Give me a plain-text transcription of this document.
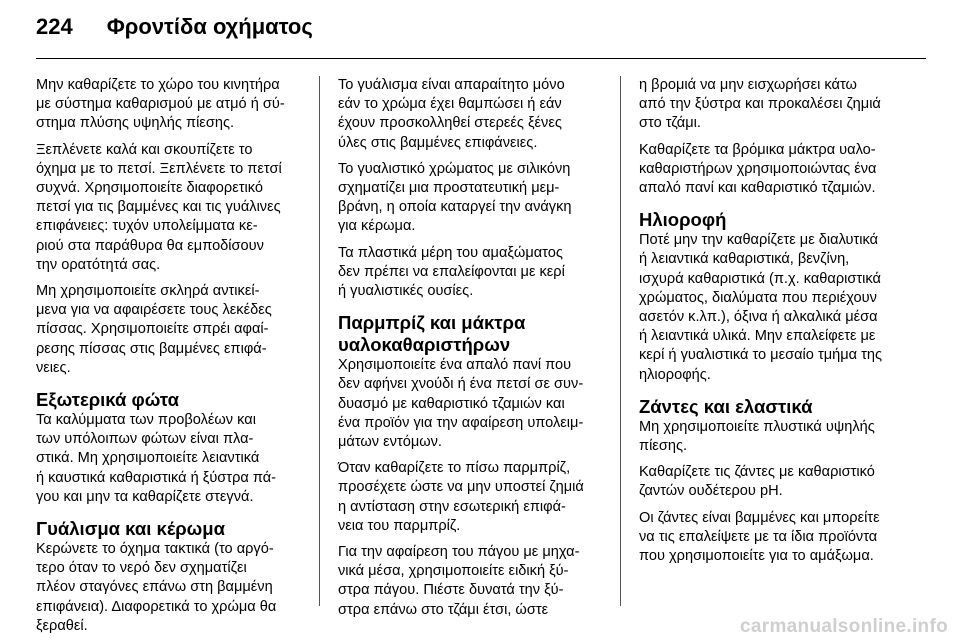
224 Φροντίδα οχήματος

Μην καθαρίζετε το χώρο του κινητήρα
με σύστημα καθαρισμού με ατμό ή σύ-
στημα πλύσης υψηλής πίεσης.

Ξεπλένετε καλά και σκουπίζετε το
όχημα με το πετσί. Ξεπλένετε το πετσί
συχνά. Χρησιμοποιείτε διαφορετικό
πετσί για τις βαμμένες και τις γυάλινες
επιφάνειες: τυχόν υπολείμματα κε-
ριού στα παράθυρα θα εμποδίσουν
την ορατότητά σας.

Μη χρησιμοποιείτε σκληρά αντικεί-
μενα για να αφαιρέσετε τους λεκέδες
πίσσας. Χρησιμοποιείτε σπρέι αφαί-
ρεσης πίσσας στις βαμμένες επιφά-
νειες.

Εξωτερικά φώτα

Τα καλύμματα των προβολέων και
των υπόλοιπων φώτων είναι πλα-
στικά. Μη χρησιμοποιείτε λειαντικά
ή καυστικά καθαριστικά ή ξύστρα πά-
γου και μην τα καθαρίζετε στεγνά.

Γυάλισμα και κέρωμα

Κερώνετε το όχημα τακτικά (το αργό-
τερο όταν το νερό δεν σχηματίζει
πλέον σταγόνες επάνω στη βαμμένη
επιφάνεια). Διαφορετικά το χρώμα θα
ξεραθεί.

Το γυάλισμα είναι απαραίτητο μόνο
εάν το χρώμα έχει θαμπώσει ή εάν
έχουν προσκολληθεί στερεές ξένες
ύλες στις βαμμένες επιφάνειες.

Το γυαλιστικό χρώματος με σιλικόνη
σχηματίζει μια προστατευτική μεμ-
βράνη, η οποία καταργεί την ανάγκη
για κέρωμα.

Τα πλαστικά μέρη του αμαξώματος
δεν πρέπει να επαλείφονται με κερί
ή γυαλιστικές ουσίες.

Παρμπρίζ και μάκτρα
υαλοκαθαριστήρων

Χρησιμοποιείτε ένα απαλό πανί που
δεν αφήνει χνούδι ή ένα πετσί σε συν-
δυασμό με καθαριστικό τζαμιών και
ένα προϊόν για την αφαίρεση υπολειμ-
μάτων εντόμων.

Όταν καθαρίζετε το πίσω παρμπρίζ,
προσέχετε ώστε να μην υποστεί ζημιά
η αντίσταση στην εσωτερική επιφά-
νεια του παρμπρίζ.

Για την αφαίρεση του πάγου με μηχα-
νικά μέσα, χρησιμοποιείτε ειδική ξύ-
στρα πάγου. Πιέστε δυνατά την ξύ-
στρα επάνω στο τζάμι έτσι, ώστε

η βρομιά να μην εισχωρήσει κάτω
από την ξύστρα και προκαλέσει ζημιά
στο τζάμι.

Καθαρίζετε τα βρόμικα μάκτρα υαλο-
καθαριστήρων χρησιμοποιώντας ένα
απαλό πανί και καθαριστικό τζαμιών.

Ηλιοροφή

Ποτέ μην την καθαρίζετε με διαλυτικά
ή λειαντικά καθαριστικά, βενζίνη,
ισχυρά καθαριστικά (π.χ. καθαριστικά
χρώματος, διαλύματα που περιέχουν
ασετόν κ.λπ.), όξινα ή αλκαλικά μέσα
ή λειαντικά υλικά. Μην επαλείφετε με
κερί ή γυαλιστικά το μεσαίο τμήμα της
ηλιοροφής.

Ζάντες και ελαστικά

Μη χρησιμοποιείτε πλυστικά υψηλής
πίεσης.

Καθαρίζετε τις ζάντες με καθαριστικό
ζαντών ουδέτερου pH.

Οι ζάντες είναι βαμμένες και μπορείτε
να τις επαλείψετε με τα ίδια προϊόντα
που χρησιμοποιείτε για το αμάξωμα.

carmanualsonline.info
